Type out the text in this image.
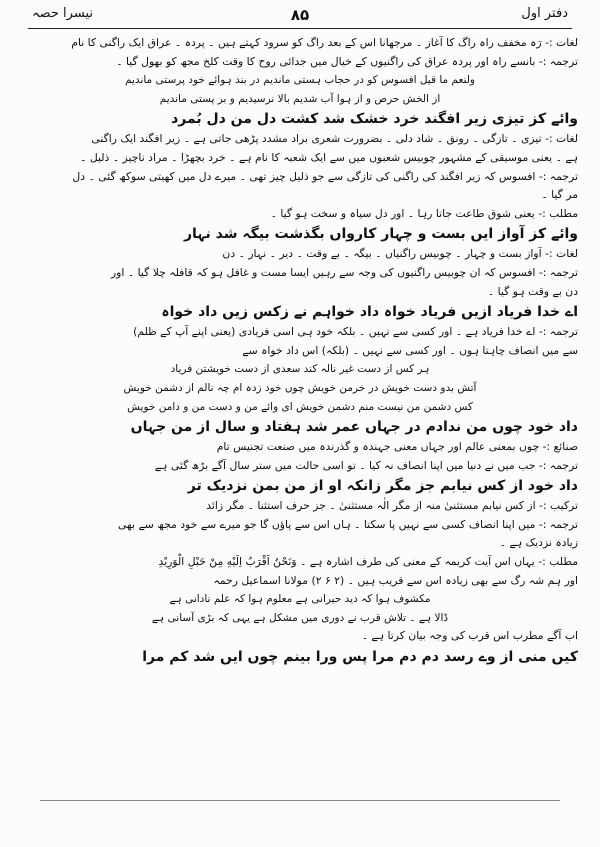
نیسرا حصہ	۸۵	دفتر اول
لغات :- رَہ مخفف راہ راگ کا آغاز ۔ مرجھانا اس کے بعد راگ کو سرود کہتے ہیں ۔ پردہ ۔ عراق ایک راگنی کا نام
ترجمہ :- بانسے راہ اور پردہ عراق کی راگنیوں کے خیال میں جدائی روح کا وقت کلخ مجھ کو بھول گیا ۔
ولنعم ما قیل افسوس کو در حجاب ہستی ماندیم در بند ہوائے خود پرستی ماندیم
از الخش حرص و از ہوا آب شدیم بالا نرسیدیم و بر پستی ماندیم
وائے کز تیزی زیر افگند خرد خشک شد کشت دل من دل بُمرد
لغات :- تیزی ۔ تازگی ۔ رونق ۔ شاد دلی ۔ بضرورت شعری براد مشدد پڑھی جاتی ہے ۔ زیر افگند ایک راگنی
ہے ۔ یعنی موسیقی کے مشہور چوبیس شعبوں میں سے ایک شعبہ کا نام ہے ۔ خرد بچھڑا ۔ مراد ناچیز ۔ ذلیل ۔
ترجمہ :- افسوس کہ زیر افگند کی راگنی کی تازگی سے جو ذلیل چیز تھی ۔ میرے دل میں کھیتی سوکھ گئی ۔ دل
مر گیا ۔
مطلب :- یعنی شوق طاعت جاتا رہا ۔ اور دل سیاہ و سخت ہو گیا ۔
وائے کز آواز ایں بست و چہار کارواں بگذشت بیگہ شد نہار
لغات :- آواز بست و چہار ۔ چوبیس راگنیاں ۔ بیگہ ۔ بے وقت ۔ دیر ۔ نہار ۔ دن
ترجمہ :- افسوس کہ ان چوبیس راگنیوں کی وجہ سے رہیں ایسا مست و غافل ہو کہ قافلہ چلا گیا ۔ اور
دن بے وقت ہو گیا ۔
اے خدا فریاد ازیں فریاد خواہ داد خواہم نے زکس زیں داد خواہ
ترجمہ :- اے خدا فریاد ہے ۔ اور کسی سے نہیں ۔ بلکہ خود ہی اسی فریادی (یعنی اپنے آپ کے ظلم)
سے میں انصاف چاہتا ہوں ۔ اور کسی سے نہیں ۔ (بلکہ) اس داد خواہ سے
ہر کس از دست غیر نالہ کند سعدی از دست خویشتن فریاد
آتش بدو دست خویش در خرمن خویش چوں خود زدہ ام چہ نالم از دشمن خویش
کس دشمن من نیست منم دشمن خویش ای وائے من و دست من و دامن خویش
داد خود چوں من ندادم در جہاں عمر شد ہفتاد و سال از من جہاں
صنائع :- چوں بمعنی عالم اور جہاں معنی جہندہ و گذرندہ میں صنعت تجنیس تام
ترجمہ :- جب میں نے دنیا میں اپنا انصاف نہ کیا ۔ تو اسی حالت میں ستر سال آگے بڑھ گئی ہے
داد خود از کس نیابم جز مگر زانکہ او از من بمن نزدیک تر
ترکیب :- از کس نیابم مستثنیٰ منہ از مگر الٰہ مستثنیٰ ۔ جز حرف استثنا ۔ مگر زائد
ترجمہ :- میں اپنا انصاف کسی سے نہیں پا سکتا ۔ ہاں اس سے پاؤں گا جو میرے سے خود مجھ سے بھی
زیادہ نزدیک ہے ۔
مطلب :- یہاں اس آیت کریمہ کے معنی کی طرف اشارہ ہے ۔ وَنَحْنُ اَقْرَبُ اِلَیْهِ مِنْ حَبْلِ الْوَرِیْدِ
اور ہم شہ رگ سے بھی زیادہ اس سے قریب ہیں ۔ (۲ ۶ ۲) مولانا اسماعیل رحمہ
مکشوف ہوا کہ دید حیرانی ہے معلوم ہوا کہ علم نادانی ہے
ڈالا ہے ۔ تلاش قرب نے دوری میں مشکل ہے یہی کہ بڑی آسانی ہے
اب آگے مطرب اس قرب کی وجہ بیان کرتا ہے ۔
کیں منی از وے رسد دم دم مرا پس ورا بینم چوں ایں شد کم مرا
